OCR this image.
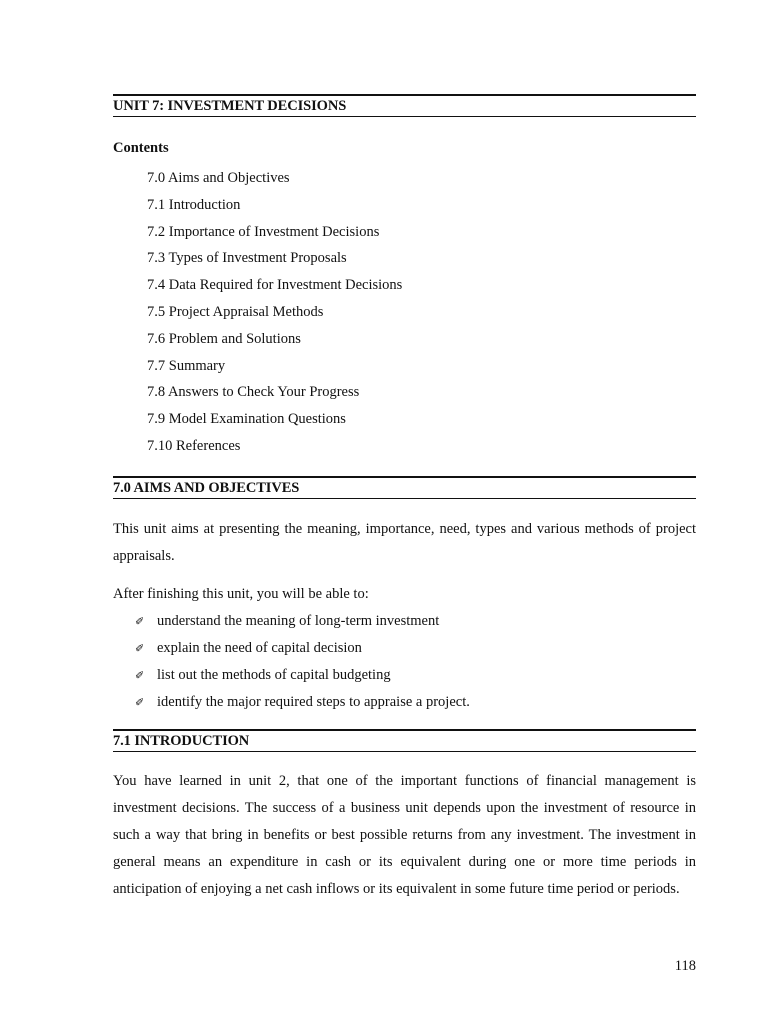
UNIT 7: INVESTMENT DECISIONS
Contents
7.0 Aims and Objectives
7.1 Introduction
7.2 Importance of Investment Decisions
7.3 Types of Investment Proposals
7.4 Data Required for Investment Decisions
7.5 Project Appraisal Methods
7.6 Problem and Solutions
7.7 Summary
7.8 Answers to Check Your Progress
7.9 Model Examination Questions
7.10 References
7.0 AIMS AND OBJECTIVES

This unit aims at presenting the meaning, importance, need, types and various methods of project appraisals.

After finishing this unit, you will be able to:

✐ understand the meaning of long-term investment
✐ explain the need of capital decision
✐ list out the methods of capital budgeting
✐ identify the major required steps to appraise a project.
7.1 INTRODUCTION

You have learned in unit 2, that one of the important functions of financial management is investment decisions. The success of a business unit depends upon the investment of resource in such a way that bring in benefits or best possible returns from any investment. The investment in general means an expenditure in cash or its equivalent during one or more time periods in anticipation of enjoying a net cash inflows or its equivalent in some future time period or periods.

118
